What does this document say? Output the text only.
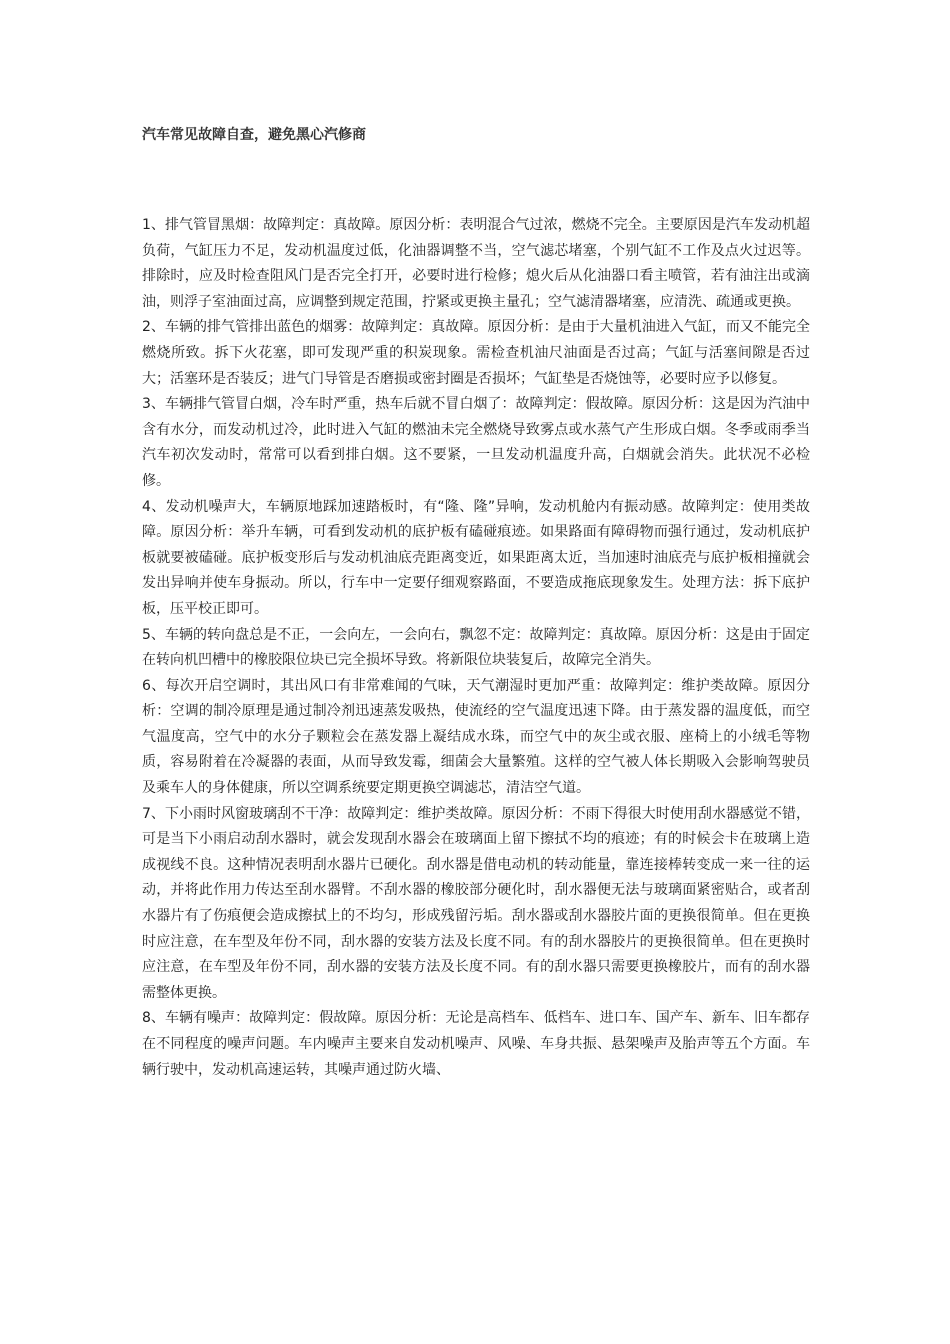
汽车常见故障自查，避免黑心汽修商

1、排气管冒黑烟：故障判定：真故障。原因分析：表明混合气过浓，燃烧不完全。主要原因是汽车发动机超负荷，气缸压力不足，发动机温度过低，化油器调整不当，空气滤芯堵塞，个别气缸不工作及点火过迟等。排除时，应及时检查阻风门是否完全打开，必要时进行检修；熄火后从化油器口看主喷管，若有油注出或滴油，则浮子室油面过高，应调整到规定范围，拧紧或更换主量孔；空气滤清器堵塞，应清洗、疏通或更换。

2、车辆的排气管排出蓝色的烟雾：故障判定：真故障。原因分析：是由于大量机油进入气缸，而又不能完全燃烧所致。拆下火花塞，即可发现严重的积炭现象。需检查机油尺油面是否过高；气缸与活塞间隙是否过大；活塞环是否装反；进气门导管是否磨损或密封圈是否损坏；气缸垫是否烧蚀等，必要时应予以修复。

3、车辆排气管冒白烟，冷车时严重，热车后就不冒白烟了：故障判定：假故障。原因分析：这是因为汽油中含有水分，而发动机过冷，此时进入气缸的燃油未完全燃烧导致雾点或水蒸气产生形成白烟。冬季或雨季当汽车初次发动时，常常可以看到排白烟。这不要紧，一旦发动机温度升高，白烟就会消失。此状况不必检修。

4、发动机噪声大，车辆原地踩加速踏板时，有“隆、隆”异响，发动机舱内有振动感。故障判定：使用类故障。原因分析：举升车辆，可看到发动机的底护板有磕碰痕迹。如果路面有障碍物而强行通过，发动机底护板就要被磕碰。底护板变形后与发动机油底壳距离变近，如果距离太近，当加速时油底壳与底护板相撞就会发出异响并使车身振动。所以，行车中一定要仔细观察路面，不要造成拖底现象发生。处理方法：拆下底护板，压平校正即可。

5、车辆的转向盘总是不正，一会向左，一会向右，飘忽不定：故障判定：真故障。原因分析：这是由于固定在转向机凹槽中的橡胶限位块已完全损坏导致。将新限位块装复后，故障完全消失。

6、每次开启空调时，其出风口有非常难闻的气味，天气潮湿时更加严重：故障判定：维护类故障。原因分析：空调的制冷原理是通过制冷剂迅速蒸发吸热，使流经的空气温度迅速下降。由于蒸发器的温度低，而空气温度高，空气中的水分子颗粒会在蒸发器上凝结成水珠，而空气中的灰尘或衣服、座椅上的小绒毛等物质，容易附着在冷凝器的表面，从而导致发霉，细菌会大量繁殖。这样的空气被人体长期吸入会影响驾驶员及乘车人的身体健康，所以空调系统要定期更换空调滤芯，清洁空气道。

7、下小雨时风窗玻璃刮不干净：故障判定：维护类故障。原因分析：不雨下得很大时使用刮水器感觉不错，可是当下小雨启动刮水器时，就会发现刮水器会在玻璃面上留下擦拭不均的痕迹；有的时候会卡在玻璃上造成视线不良。这种情况表明刮水器片已硬化。刮水器是借电动机的转动能量，靠连接棒转变成一来一往的运动，并将此作用力传达至刮水器臂。不刮水器的橡胶部分硬化时，刮水器便无法与玻璃面紧密贴合，或者刮水器片有了伤痕便会造成擦拭上的不均匀，形成残留污垢。刮水器或刮水器胶片面的更换很简单。但在更换时应注意，在车型及年份不同，刮水器的安装方法及长度不同。有的刮水器胶片的更换很简单。但在更换时应注意，在车型及年份不同，刮水器的安装方法及长度不同。有的刮水器只需要更换橡胶片，而有的刮水器需整体更换。

8、车辆有噪声：故障判定：假故障。原因分析：无论是高档车、低档车、进口车、国产车、新车、旧车都存在不同程度的噪声问题。车内噪声主要来自发动机噪声、风噪、车身共振、悬架噪声及胎声等五个方面。车辆行驶中，发动机高速运转，其噪声通过防火墙、
